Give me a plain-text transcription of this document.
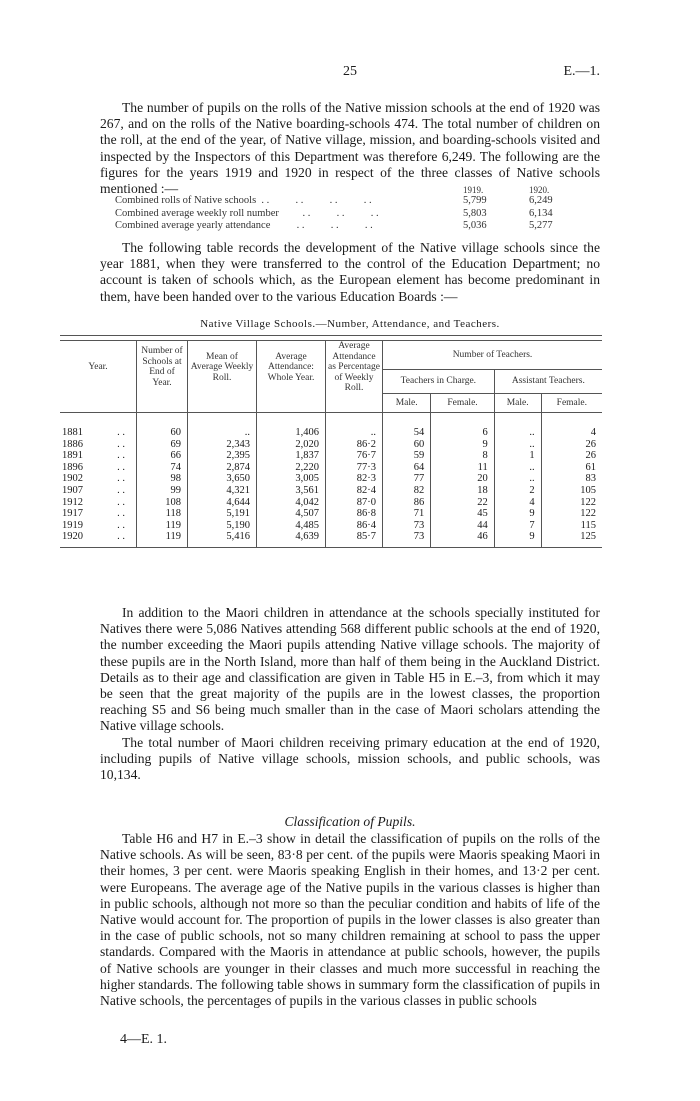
25	E.—1.

The number of pupils on the rolls of the Native mission schools at the end of 1920 was 267, and on the rolls of the Native boarding-schools 474. The total number of children on the roll, at the end of the year, of Native village, mission, and boarding-schools visited and inspected by the Inspectors of this Department was therefore 6,249. The following are the figures for the years 1919 and 1920 in respect of the three classes of Native schools mentioned :—	1919.	1920.
Combined rolls of Native schools  . .          . .          . .          . .	5,799	6,249
Combined average weekly roll number         . .          . .          . .	5,803	6,134
Combined average yearly attendance          . .          . .          . .	5,036	5,277

The following table records the development of the Native village schools since the year 1881, when they were transferred to the control of the Education Department; no account is taken of schools which, as the European element has become predominant in them, have been handed over to the various Education Boards :—

Native Village Schools.—Number, Attendance, and Teachers.
Year.	Number of Schools at End of Year.	Mean of Average Weekly Roll.	Average Attendance: Whole Year.	Average Attendance as Percentage of Weekly Roll.	Number of Teachers.			
					Teachers in Charge.		Assistant Teachers.	
					Male.	Female.	Male.	Female.

1881 . .	60	..	1,406	..	54	6	..	4
1886 . .	69	2,343	2,020	86·2	60	9	..	26
1891 . .	66	2,395	1,837	76·7	59	8	1	26
1896 . .	74	2,874	2,220	77·3	64	11	..	61
1902 . .	98	3,650	3,005	82·3	77	20	..	83
1907 . .	99	4,321	3,561	82·4	82	18	2	105
1912 . .	108	4,644	4,042	87·0	86	22	4	122
1917 . .	118	5,191	4,507	86·8	71	45	9	122
1919 . .	119	5,190	4,485	86·4	73	44	7	115
1920 . .	119	5,416	4,639	85·7	73	46	9	125

In addition to the Maori children in attendance at the schools specially instituted for Natives there were 5,086 Natives attending 568 different public schools at the end of 1920, the number exceeding the Maori pupils attending Native village schools. The majority of these pupils are in the North Island, more than half of them being in the Auckland District. Details as to their age and classification are given in Table H5 in E.–3, from which it may be seen that the great majority of the pupils are in the lowest classes, the proportion reaching S5 and S6 being much smaller than in the case of Maori scholars attending the Native village schools.

The total number of Maori children receiving primary education at the end of 1920, including pupils of Native village schools, mission schools, and public schools, was 10,134.

Classification of Pupils.

Table H6 and H7 in E.–3 show in detail the classification of pupils on the rolls of the Native schools. As will be seen, 83·8 per cent. of the pupils were Maoris speaking Maori in their homes, 3 per cent. were Maoris speaking English in their homes, and 13·2 per cent. were Europeans. The average age of the Native pupils in the various classes is higher than in public schools, although not more so than the peculiar condition and habits of life of the Native would account for. The proportion of pupils in the lower classes is also greater than in the case of public schools, not so many children remaining at school to pass the upper standards. Compared with the Maoris in attendance at public schools, however, the pupils of Native schools are younger in their classes and much more successful in reaching the higher standards. The following table shows in summary form the classification of pupils in Native schools, the percentages of pupils in the various classes in public schools

4—E. 1.
